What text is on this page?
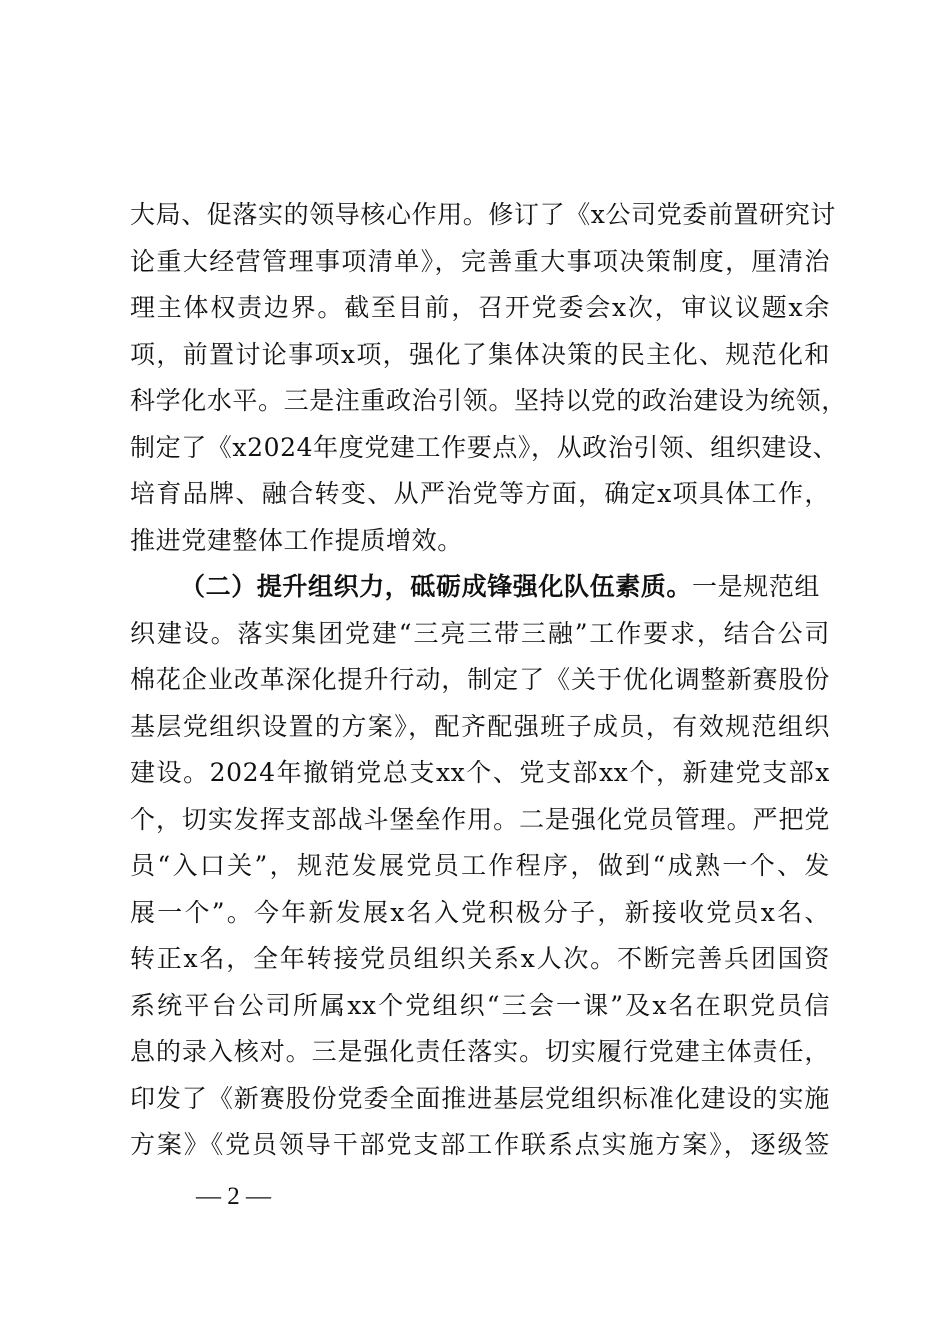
大局、促落实的领导核心作用。修订了《x公司党委前置研究讨
论重大经营管理事项清单》，完善重大事项决策制度，厘清治
理主体权责边界。截至目前，召开党委会x次，审议议题x余
项，前置讨论事项x项，强化了集体决策的民主化、规范化和
科学化水平。三是注重政治引领。坚持以党的政治建设为统领，
制定了《x2024年度党建工作要点》，从政治引领、组织建设、
培育品牌、融合转变、从严治党等方面，确定x项具体工作，
推进党建整体工作提质增效。
（二）提升组织力，砥砺成锋强化队伍素质。一是规范组
织建设。落实集团党建“三亮三带三融”工作要求，结合公司
棉花企业改革深化提升行动，制定了《关于优化调整新赛股份
基层党组织设置的方案》，配齐配强班子成员，有效规范组织
建设。2024年撤销党总支xx个、党支部xx个，新建党支部x
个，切实发挥支部战斗堡垒作用。二是强化党员管理。严把党
员“入口关”，规范发展党员工作程序，做到“成熟一个、发
展一个”。今年新发展x名入党积极分子，新接收党员x名、
转正x名，全年转接党员组织关系x人次。不断完善兵团国资
系统平台公司所属xx个党组织“三会一课”及x名在职党员信
息的录入核对。三是强化责任落实。切实履行党建主体责任，
印发了《新赛股份党委全面推进基层党组织标准化建设的实施
方案》《党员领导干部党支部工作联系点实施方案》，逐级签
— 2 —
